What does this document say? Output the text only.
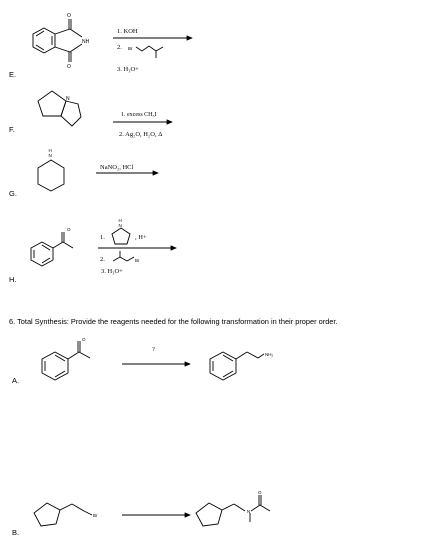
E.
F.
G.
H.
1. KOH
2.
3. H₃O+
1. excess CH₃I
2. Ag₂O, H₂O, Δ
NaNO₂, HCl
1.	, H+
2.
3. H₃O+
6. Total Synthesis: Provide the reagents needed for the following transformation in their proper order.
A.
B.
?
O
O
NH
Br
N
N
H
O
N
H
Br
O
NH₂
Br
O
N
